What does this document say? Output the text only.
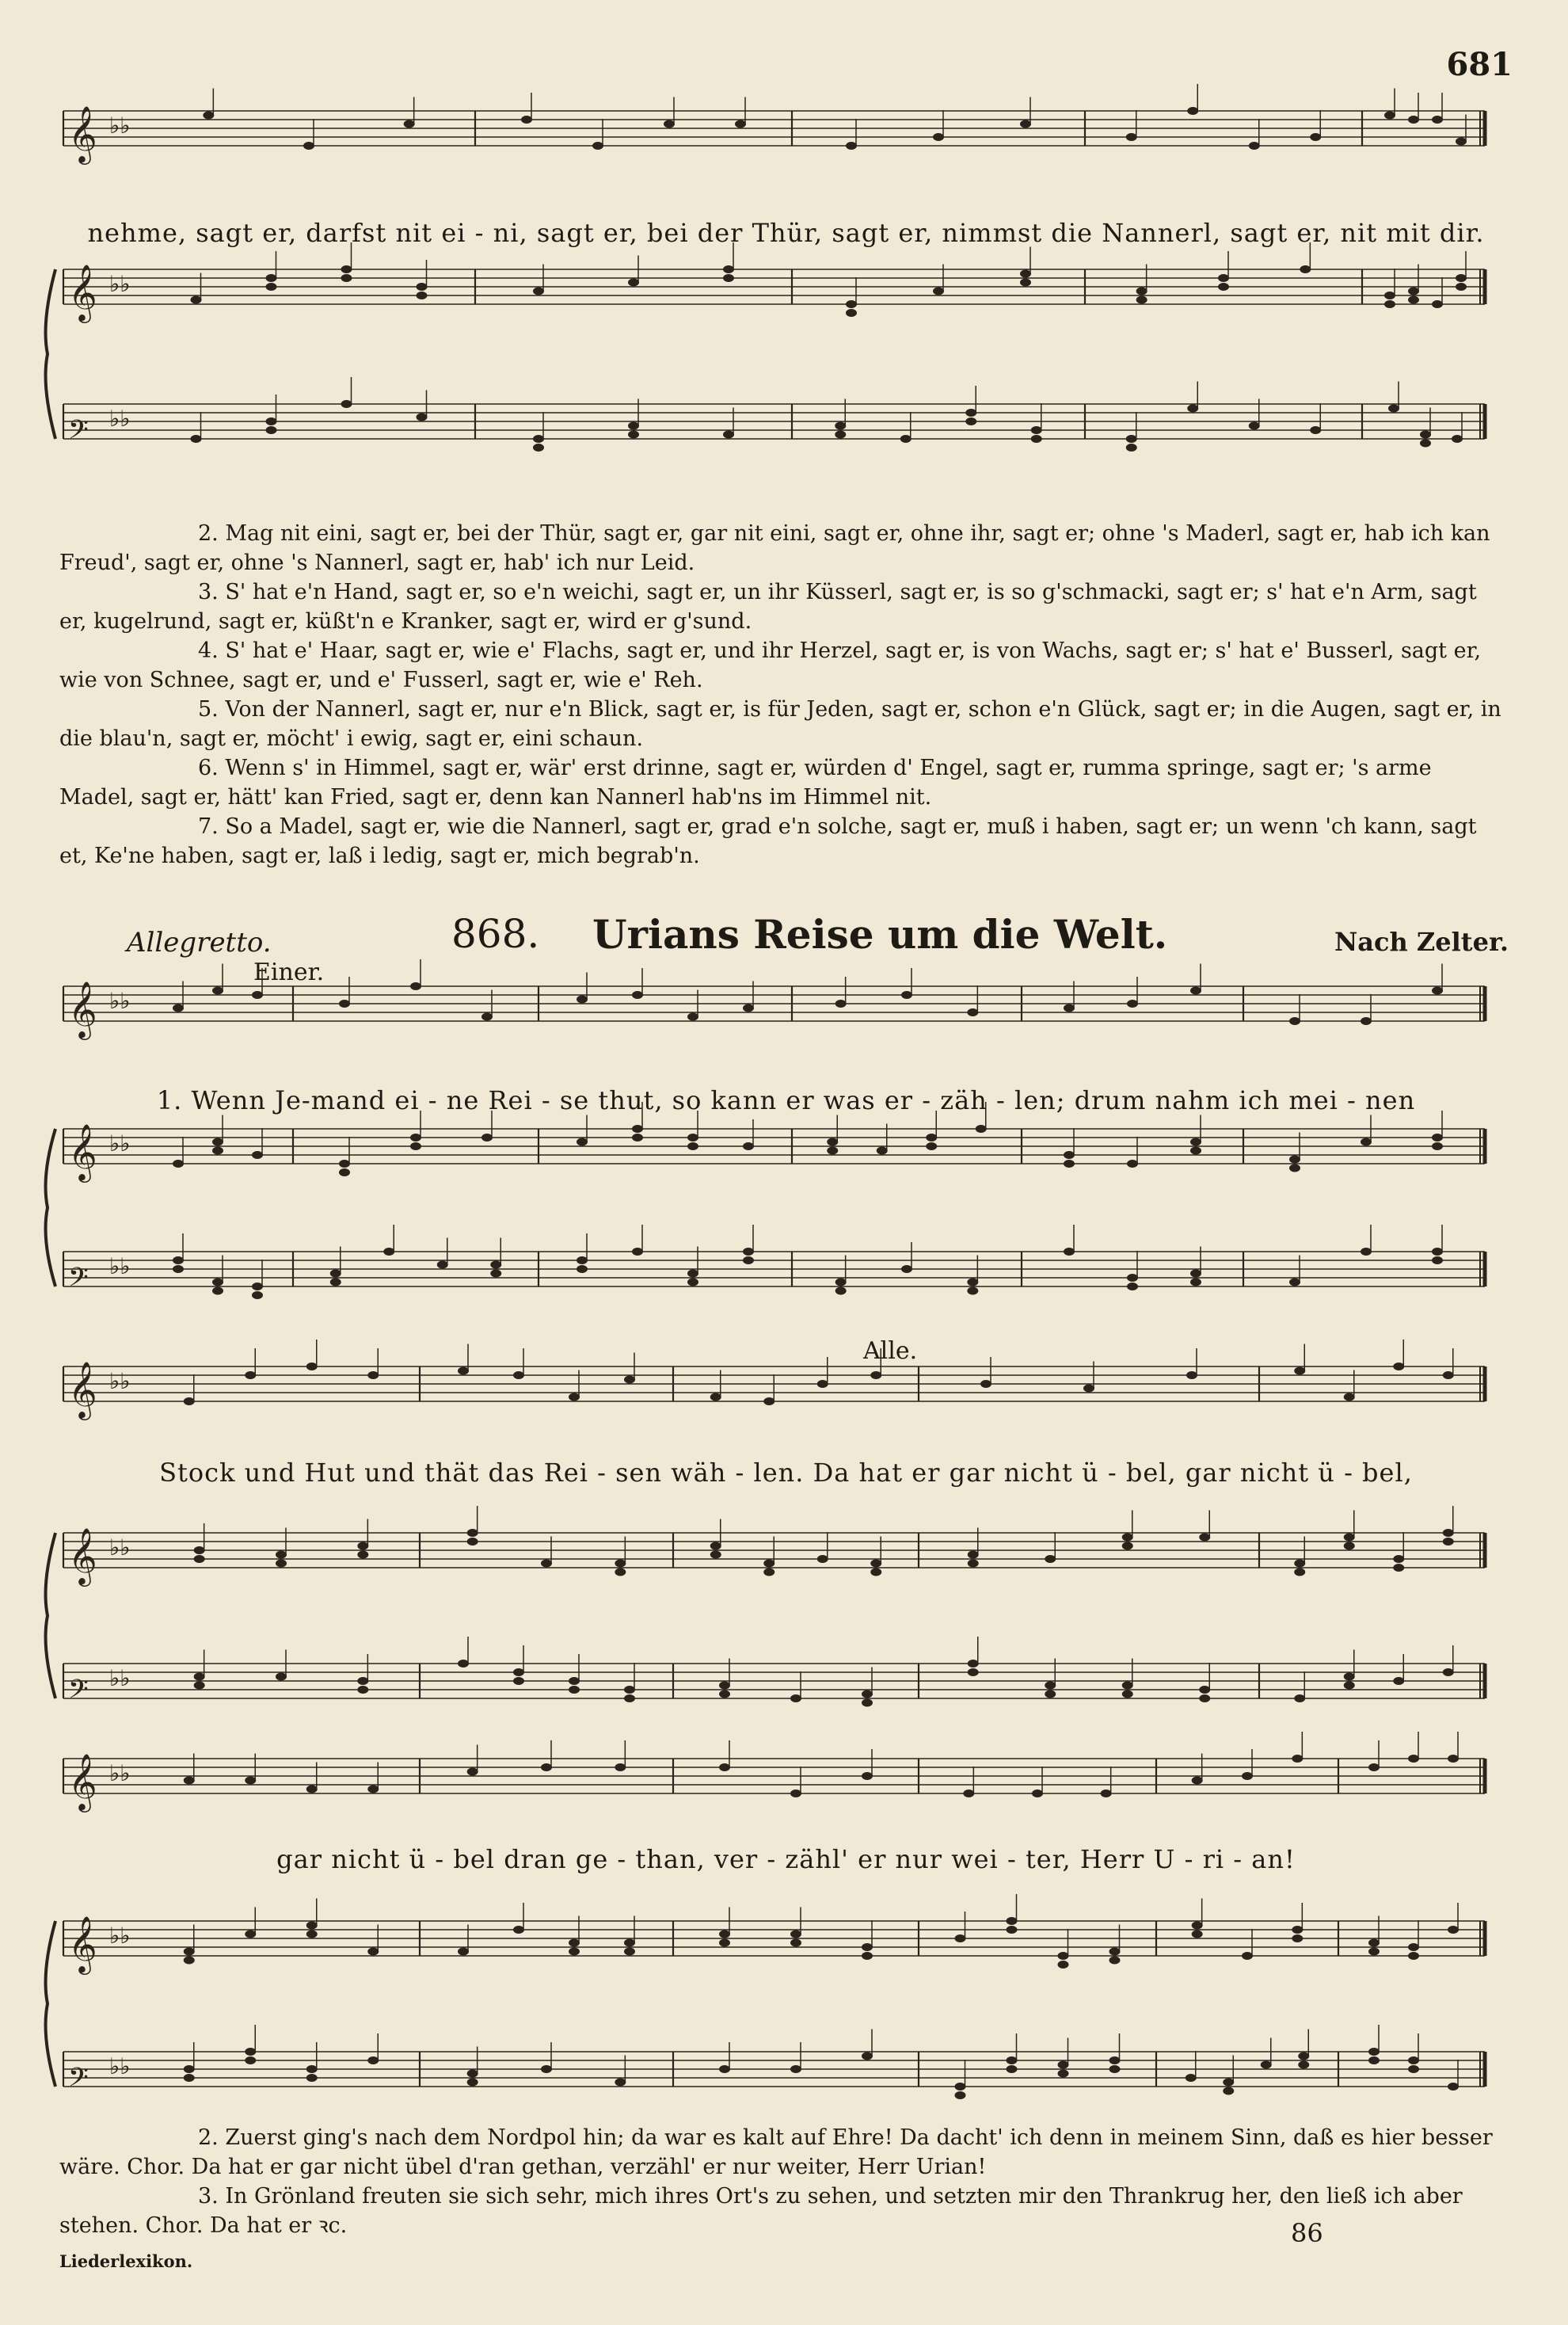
681
𝄞 ♭♭
𝄞 ♭♭
𝄢 ♭♭
nehme, sagt er, darfst nit ei - ni, sagt er, bei der Thür, sagt er, nimmst die Nannerl, sagt er, nit mit dir.

2. Mag nit eini, sagt er, bei der Thür, sagt er, gar nit eini, sagt er, ohne ihr, sagt er; ohne 's Maderl, sagt er, hab ich kan Freud', sagt er, ohne 's Nannerl, sagt er, hab' ich nur Leid.

3. S' hat e'n Hand, sagt er, so e'n weichi, sagt er, un ihr Küsserl, sagt er, is so g'schmacki, sagt er; s' hat e'n Arm, sagt er, kugelrund, sagt er, küßt'n e Kranker, sagt er, wird er g'sund.

4. S' hat e' Haar, sagt er, wie e' Flachs, sagt er, und ihr Herzel, sagt er, is von Wachs, sagt er; s' hat e' Busserl, sagt er, wie von Schnee, sagt er, und e' Fusserl, sagt er, wie e' Reh.

5. Von der Nannerl, sagt er, nur e'n Blick, sagt er, is für Jeden, sagt er, schon e'n Glück, sagt er; in die Augen, sagt er, in die blau'n, sagt er, möcht' i ewig, sagt er, eini schaun.

6. Wenn s' in Himmel, sagt er, wär' erst drinne, sagt er, würden d' Engel, sagt er, rumma springe, sagt er; 's arme Madel, sagt er, hätt' kan Fried, sagt er, denn kan Nannerl hab'ns im Himmel nit.

7. So a Madel, sagt er, wie die Nannerl, sagt er, grad e'n solche, sagt er, muß i haben, sagt er; un wenn 'ch kann, sagt et, Ke'ne haben, sagt er, laß i ledig, sagt er, mich begrab'n.

Allegretto.	868. Urians Reise um die Welt.	Nach Zelter.
Einer.
𝄞 ♭♭
𝄞 ♭♭
𝄢 ♭♭
1. Wenn Je-mand ei - ne Rei - se thut, so kann er was er - zäh - len; drum nahm ich mei - nen
Alle.
𝄞 ♭♭
𝄞 ♭♭
𝄢 ♭♭
Stock und Hut und thät das Rei - sen wäh - len. Da hat er gar nicht ü - bel, gar nicht ü - bel,
𝄞 ♭♭
𝄞 ♭♭
𝄢 ♭♭
gar nicht ü - bel dran ge - than, ver - zähl' er nur wei - ter, Herr U - ri - an!

2. Zuerst ging's nach dem Nordpol hin; da war es kalt auf Ehre! Da dacht' ich denn in meinem Sinn, daß es hier besser wäre. Chor. Da hat er gar nicht übel d'ran gethan, verzähl' er nur weiter, Herr Urian!

3. In Grönland freuten sie sich sehr, mich ihres Ort's zu sehen, und setzten mir den Thrankrug her, den ließ ich aber stehen. Chor. Da hat er ꝛc.	86
Liederlexikon.
